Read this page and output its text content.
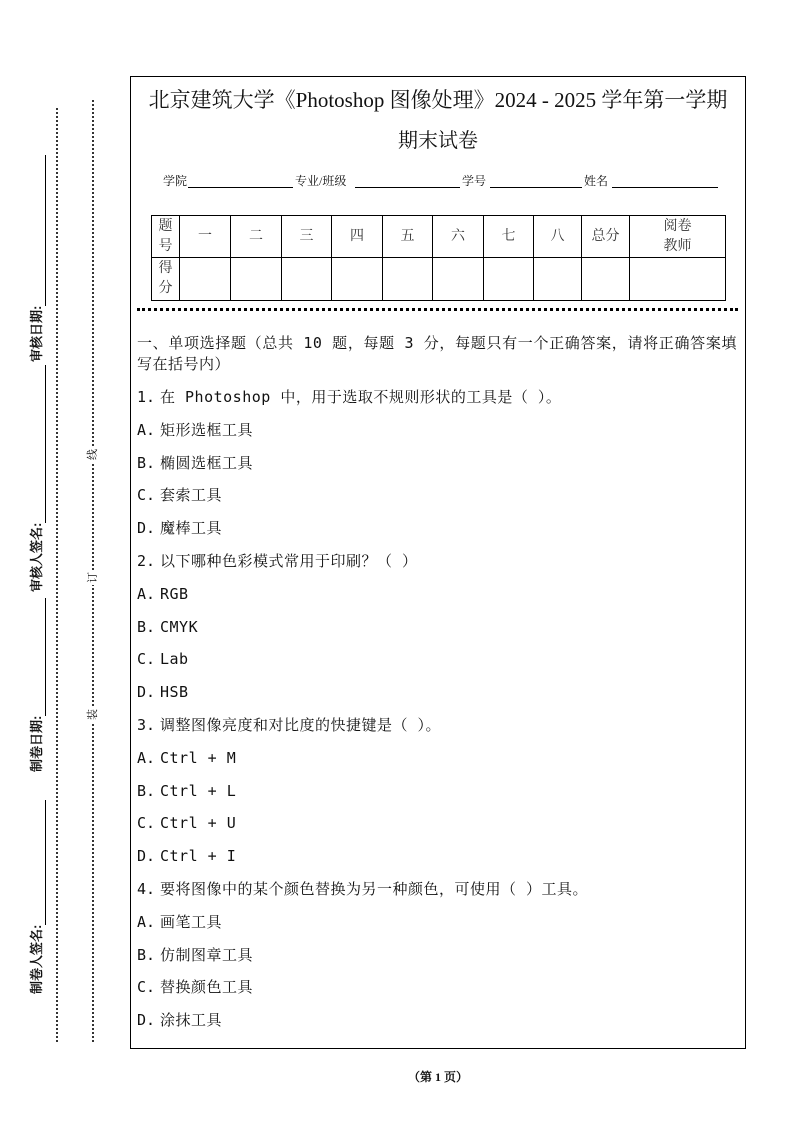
线
订
装
审核日期:
审核人签名:
制卷日期:
制卷人签名:
北京建筑大学《Photoshop 图像处理》2024 - 2025 学年第一学期
期末试卷
学院	专业/班级	学号	姓名
题号	一	二	三	四	五	六	七	八	总分	阅卷教师
得分										
一、单项选择题（总共 10 题，每题 3 分，每题只有一个正确答案，请将正确答案填写在括号内）
1. 在 Photoshop 中，用于选取不规则形状的工具是（ ）。
A. 矩形选框工具
B. 椭圆选框工具
C. 套索工具
D. 魔棒工具
2. 以下哪种色彩模式常用于印刷？（ ）
A. RGB
B. CMYK
C. Lab
D. HSB
3. 调整图像亮度和对比度的快捷键是（ ）。
A. Ctrl + M
B. Ctrl + L
C. Ctrl + U
D. Ctrl + I
4. 要将图像中的某个颜色替换为另一种颜色，可使用（ ）工具。
A. 画笔工具
B. 仿制图章工具
C. 替换颜色工具
D. 涂抹工具
（第 1 页）
